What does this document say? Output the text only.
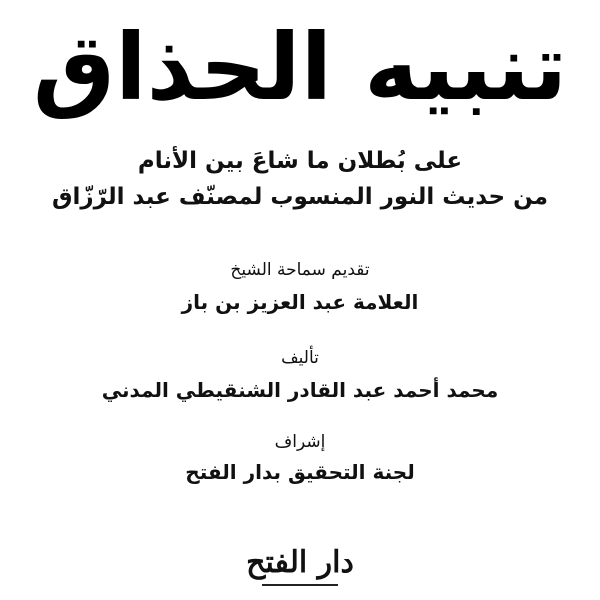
تنبيه الحذاق
على بُطلان ما شاعَ بين الأنام
من حديث النور المنسوب لمصنّف عبد الرّزّاق
تقديم سماحة الشيخ
العلامة عبد العزيز بن باز
تأليف
محمد أحمد عبد القادر الشنقيطي المدني
إشراف
لجنة التحقيق بدار الفتح
دار الفتح
